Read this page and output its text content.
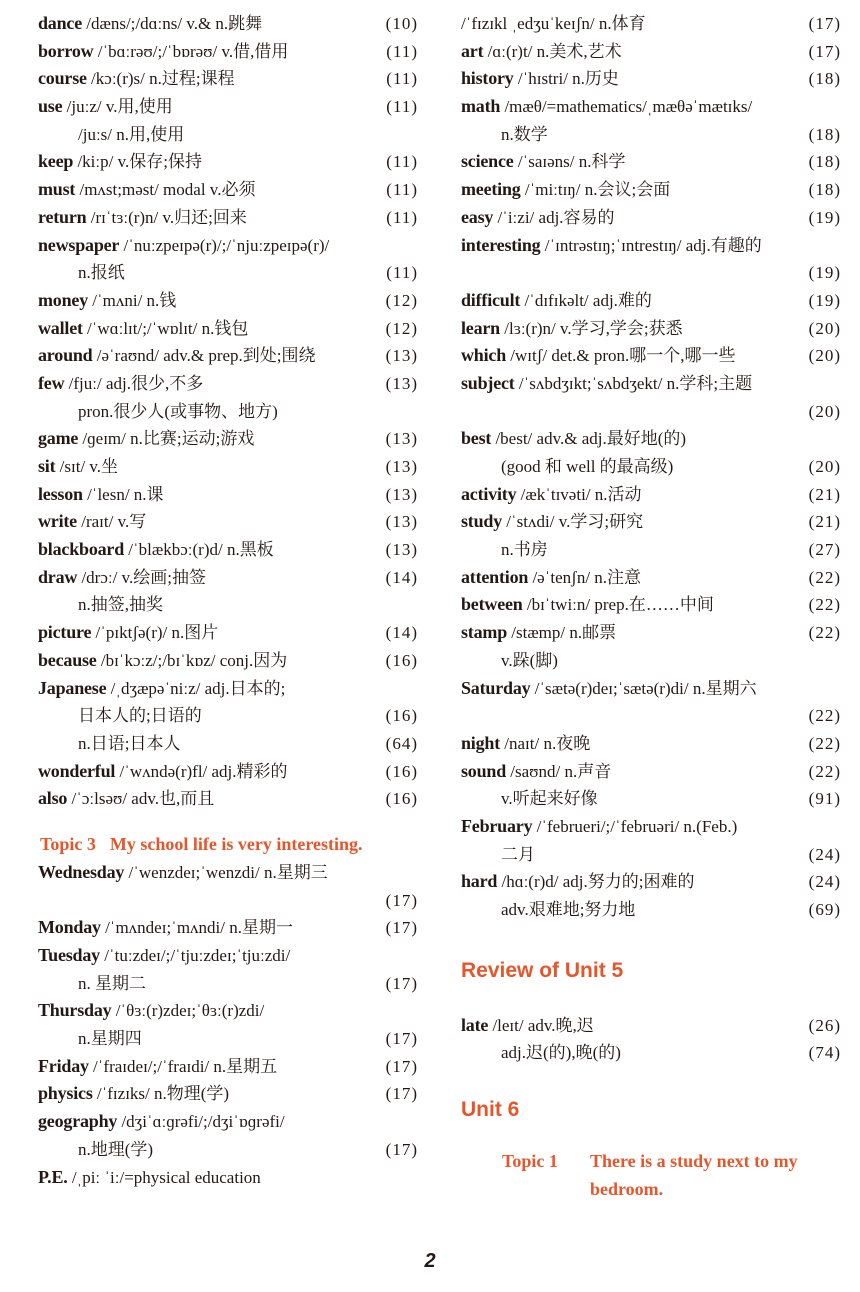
dance /dæns/;/dɑːns/ v.& n.跳舞	(10)
borrow /ˈbɑːrəʊ/;/ˈbɒrəʊ/ v.借,借用	(11)
course /kɔː(r)s/ n.过程;课程	(11)
use /juːz/ v.用,使用	(11)
/juːs/ n.用,使用
keep /kiːp/ v.保存;保持	(11)
must /mʌst;məst/ modal v.必须	(11)
return /rɪˈtɜː(r)n/ v.归还;回来	(11)
newspaper /ˈnuːzpeɪpə(r)/;/ˈnjuːzpeɪpə(r)/
n.报纸	(11)
money /ˈmʌni/ n.钱	(12)
wallet /ˈwɑːlɪt/;/ˈwɒlɪt/ n.钱包	(12)
around /əˈraʊnd/ adv.& prep.到处;围绕	(13)
few /fjuː/ adj.很少,不多	(13)
pron.很少人(或事物、地方)
game /ɡeɪm/ n.比赛;运动;游戏	(13)
sit /sɪt/ v.坐	(13)
lesson /ˈlesn/ n.课	(13)
write /raɪt/ v.写	(13)
blackboard /ˈblækbɔː(r)d/ n.黑板	(13)
draw /drɔː/ v.绘画;抽签	(14)
n.抽签,抽奖
picture /ˈpɪktʃə(r)/ n.图片	(14)
because /bɪˈkɔːz/;/bɪˈkɒz/ conj.因为	(16)
Japanese /ˌdʒæpəˈniːz/ adj.日本的;
日本人的;日语的	(16)
n.日语;日本人	(64)
wonderful /ˈwʌndə(r)fl/ adj.精彩的	(16)
also /ˈɔːlsəʊ/ adv.也,而且	(16)
Topic 3 My school life is very interesting.
Wednesday /ˈwenzdeɪ;ˈwenzdi/ n.星期三
(17)
Monday /ˈmʌndeɪ;ˈmʌndi/ n.星期一	(17)
Tuesday /ˈtuːzdeɪ/;/ˈtjuːzdeɪ;ˈtjuːzdi/
n. 星期二	(17)
Thursday /ˈθɜː(r)zdeɪ;ˈθɜː(r)zdi/
n.星期四	(17)
Friday /ˈfraɪdeɪ/;/ˈfraɪdi/ n.星期五	(17)
physics /ˈfɪzɪks/ n.物理(学)	(17)
geography /dʒiˈɑːɡrəfi/;/dʒiˈɒɡrəfi/
n.地理(学)	(17)
P.E. /ˌpiː ˈiː/=physical education
/ˈfɪzɪkl ˌedʒuˈkeɪʃn/ n.体育	(17)
art /ɑː(r)t/ n.美术,艺术	(17)
history /ˈhɪstri/ n.历史	(18)
math /mæθ/=mathematics/ˌmæθəˈmætɪks/
n.数学	(18)
science /ˈsaɪəns/ n.科学	(18)
meeting /ˈmiːtɪŋ/ n.会议;会面	(18)
easy /ˈiːzi/ adj.容易的	(19)
interesting /ˈɪntrəstɪŋ;ˈɪntrestɪŋ/ adj.有趣的
(19)
difficult /ˈdɪfɪkəlt/ adj.难的	(19)
learn /lɜː(r)n/ v.学习,学会;获悉	(20)
which /wɪtʃ/ det.& pron.哪一个,哪一些	(20)
subject /ˈsʌbdʒɪkt;ˈsʌbdʒekt/ n.学科;主题
(20)
best /best/ adv.& adj.最好地(的)
(good 和 well 的最高级)	(20)
activity /ækˈtɪvəti/ n.活动	(21)
study /ˈstʌdi/ v.学习;研究	(21)
n.书房	(27)
attention /əˈtenʃn/ n.注意	(22)
between /bɪˈtwiːn/ prep.在……中间	(22)
stamp /stæmp/ n.邮票	(22)
v.跺(脚)
Saturday /ˈsætə(r)deɪ;ˈsætə(r)di/ n.星期六
(22)
night /naɪt/ n.夜晚	(22)
sound /saʊnd/ n.声音	(22)
v.听起来好像	(91)
February /ˈfebrueri/;/ˈfebruəri/ n.(Feb.)
二月	(24)
hard /hɑː(r)d/ adj.努力的;困难的	(24)
adv.艰难地;努力地	(69)
Review of Unit 5
late /leɪt/ adv.晚,迟	(26)
adj.迟(的),晚(的)	(74)
Unit 6
Topic 1 There is a study next to my bedroom.
2
